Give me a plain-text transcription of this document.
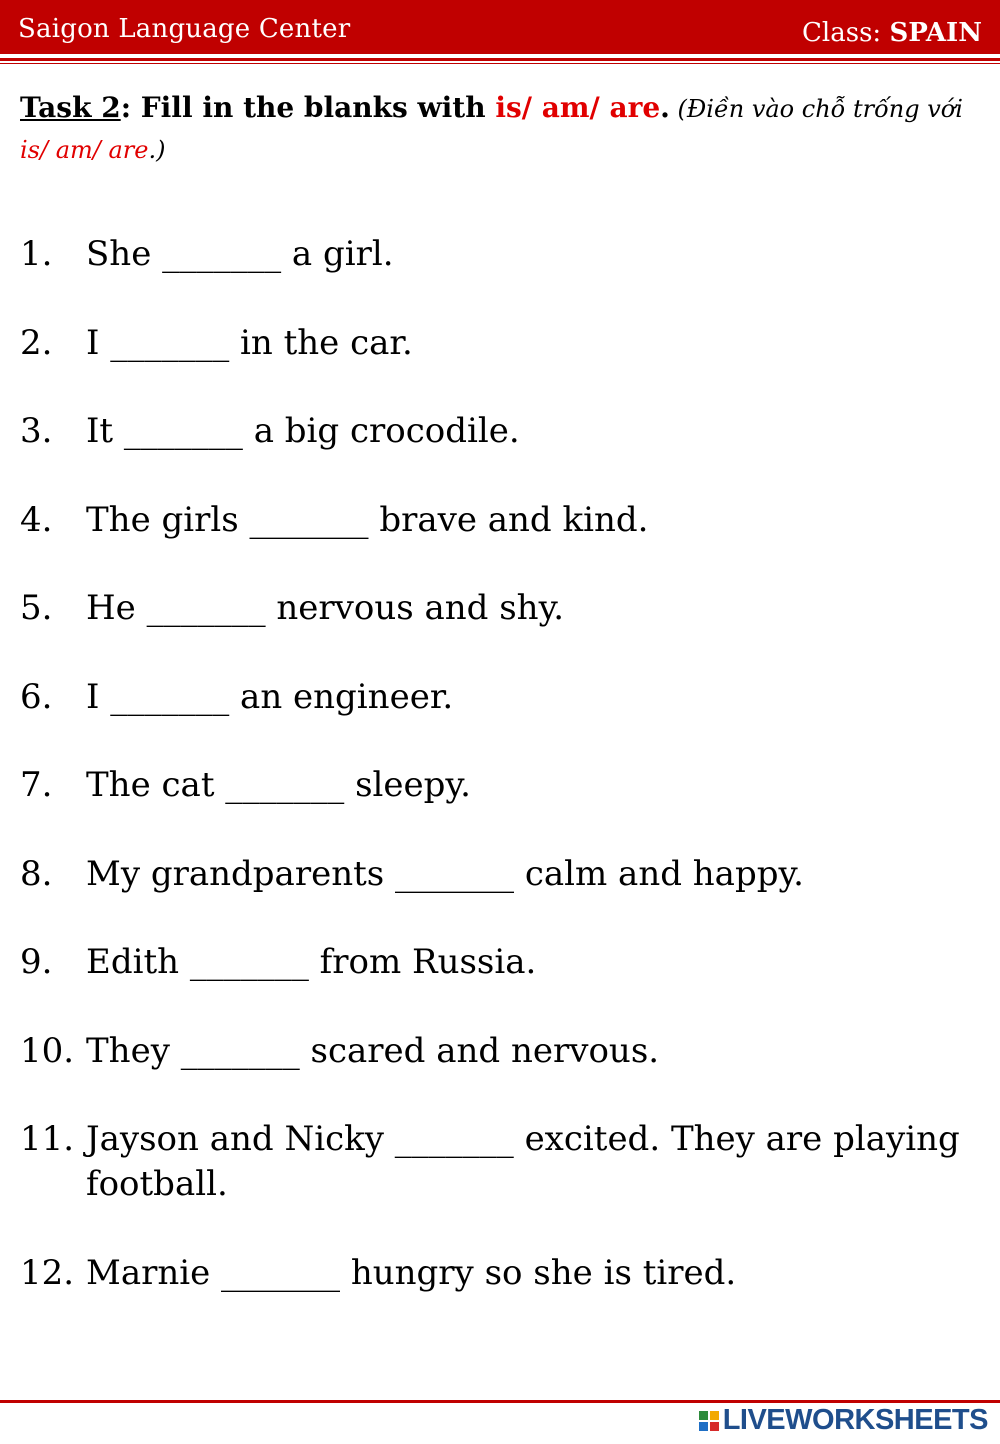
Saigon Language Center	Class: SPAIN
Task 2: Fill in the blanks with is/ am/ are. (Điền vào chỗ trống với is/ am/ are.)
1. She _______ a girl.
2. I _______ in the car.
3. It _______ a big crocodile.
4. The girls _______ brave and kind.
5. He _______ nervous and shy.
6. I _______ an engineer.
7. The cat _______ sleepy.
8. My grandparents _______ calm and happy.
9. Edith _______ from Russia.
10. They _______ scared and nervous.
11. Jayson and Nicky _______ excited. They are playing football.
12. Marnie _______ hungry so she is tired.
LIVEWORKSHEETS
